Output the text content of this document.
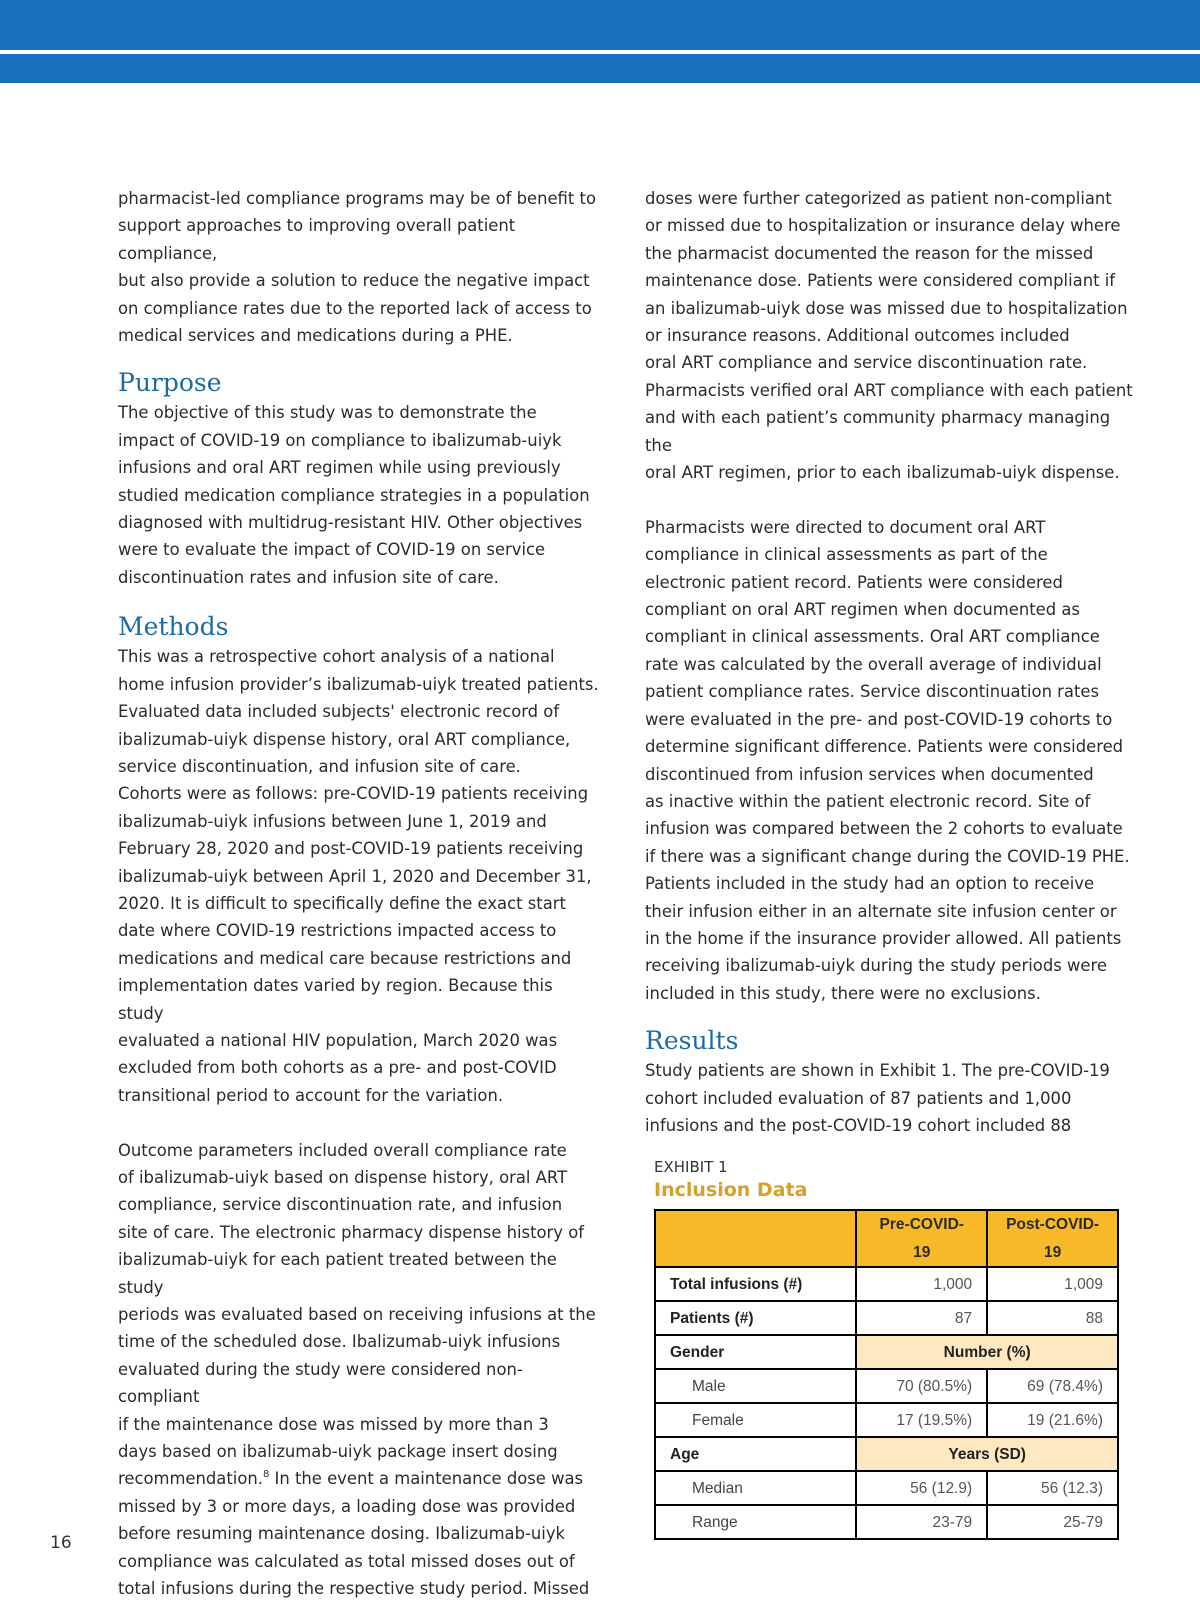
pharmacist-led compliance programs may be of benefit to
support approaches to improving overall patient compliance,
but also provide a solution to reduce the negative impact
on compliance rates due to the reported lack of access to
medical services and medications during a PHE.

Purpose

The objective of this study was to demonstrate the
impact of COVID-19 on compliance to ibalizumab-uiyk
infusions and oral ART regimen while using previously
studied medication compliance strategies in a population
diagnosed with multidrug-resistant HIV. Other objectives
were to evaluate the impact of COVID-19 on service
discontinuation rates and infusion site of care.

Methods

This was a retrospective cohort analysis of a national
home infusion provider’s ibalizumab-uiyk treated patients.
Evaluated data included subjects' electronic record of
ibalizumab-uiyk dispense history, oral ART compliance,
service discontinuation, and infusion site of care.
Cohorts were as follows: pre-COVID-19 patients receiving
ibalizumab-uiyk infusions between June 1, 2019 and
February 28, 2020 and post-COVID-19 patients receiving
ibalizumab-uiyk between April 1, 2020 and December 31,
2020. It is difficult to specifically define the exact start
date where COVID-19 restrictions impacted access to
medications and medical care because restrictions and
implementation dates varied by region. Because this study
evaluated a national HIV population, March 2020 was
excluded from both cohorts as a pre- and post-COVID
transitional period to account for the variation.

Outcome parameters included overall compliance rate
of ibalizumab-uiyk based on dispense history, oral ART
compliance, service discontinuation rate, and infusion
site of care. The electronic pharmacy dispense history of
ibalizumab-uiyk for each patient treated between the study
periods was evaluated based on receiving infusions at the
time of the scheduled dose. Ibalizumab-uiyk infusions
evaluated during the study were considered non-compliant
if the maintenance dose was missed by more than 3
days based on ibalizumab-uiyk package insert dosing
recommendation.$^8$ In the event a maintenance dose was
missed by 3 or more days, a loading dose was provided
before resuming maintenance dosing. Ibalizumab-uiyk
compliance was calculated as total missed doses out of
total infusions during the respective study period. Missed

doses were further categorized as patient non-compliant
or missed due to hospitalization or insurance delay where
the pharmacist documented the reason for the missed
maintenance dose. Patients were considered compliant if
an ibalizumab-uiyk dose was missed due to hospitalization
or insurance reasons. Additional outcomes included
oral ART compliance and service discontinuation rate.
Pharmacists verified oral ART compliance with each patient
and with each patient’s community pharmacy managing the
oral ART regimen, prior to each ibalizumab-uiyk dispense.

Pharmacists were directed to document oral ART
compliance in clinical assessments as part of the
electronic patient record. Patients were considered
compliant on oral ART regimen when documented as
compliant in clinical assessments. Oral ART compliance
rate was calculated by the overall average of individual
patient compliance rates. Service discontinuation rates
were evaluated in the pre- and post-COVID-19 cohorts to
determine significant difference. Patients were considered
discontinued from infusion services when documented
as inactive within the patient electronic record. Site of
infusion was compared between the 2 cohorts to evaluate
if there was a significant change during the COVID-19 PHE.
Patients included in the study had an option to receive
their infusion either in an alternate site infusion center or
in the home if the insurance provider allowed. All patients
receiving ibalizumab-uiyk during the study periods were
included in this study, there were no exclusions.

Results

Study patients are shown in Exhibit 1. The pre-COVID-19
cohort included evaluation of 87 patients and 1,000
infusions and the post-COVID-19 cohort included 88

EXHIBIT 1
Inclusion Data
	Pre-COVID-19	Post-COVID-19
Total infusions (#)	1,000	1,009
Patients (#)	87	88
Gender	Number (%)	
Male	70 (80.5%)	69 (78.4%)
Female	17 (19.5%)	19 (21.6%)
Age	Years (SD)	
Median	56 (12.9)	56 (12.3)
Range	23-79	25-79
16
